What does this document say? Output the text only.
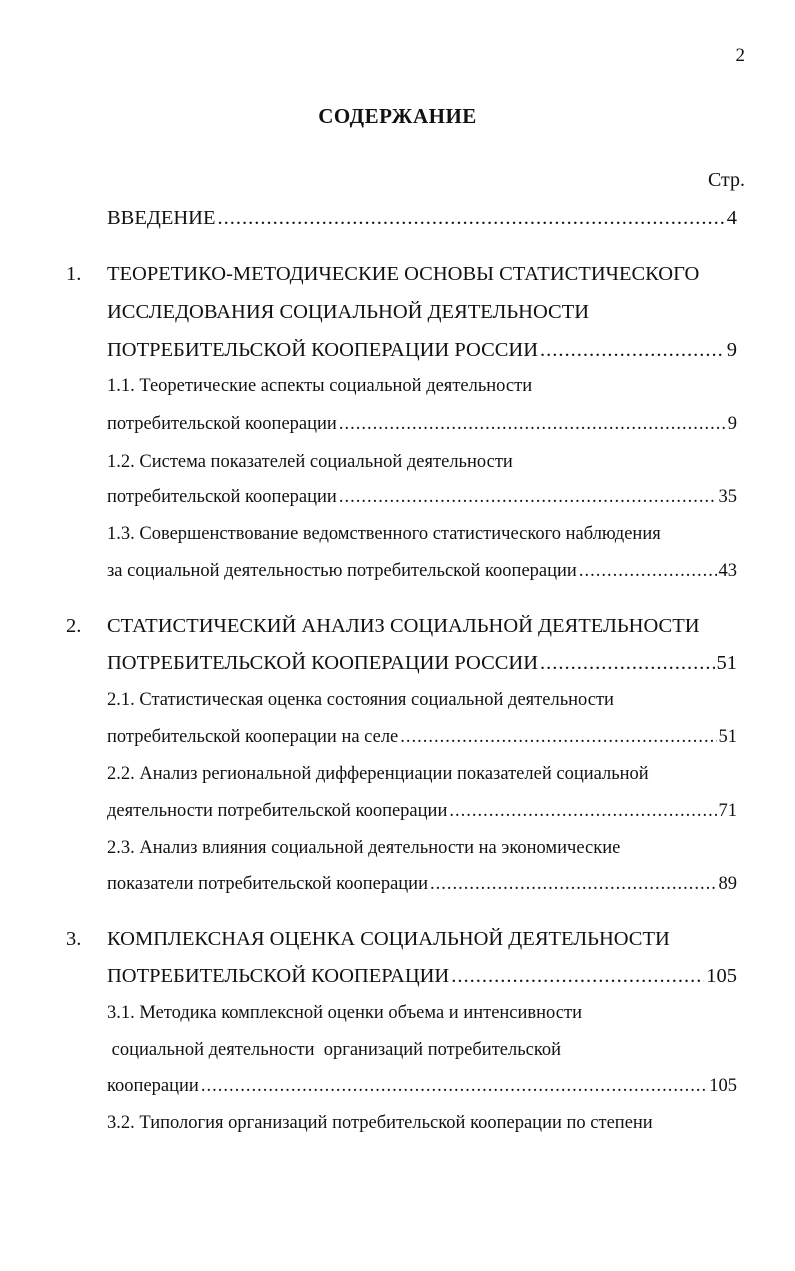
2
СОДЕРЖАНИЕ
Стр.
ВВЕДЕНИЕ .....	4
1. ТЕОРЕТИКО-МЕТОДИЧЕСКИЕ ОСНОВЫ СТАТИСТИЧЕСКОГО
ИССЛЕДОВАНИЯ СОЦИАЛЬНОЙ ДЕЯТЕЛЬНОСТИ
ПОТРЕБИТЕЛЬСКОЙ КООПЕРАЦИИ РОССИИ .....	9
1.1. Теоретические аспекты социальной деятельности
потребительской кооперации .....	9
1.2. Система показателей социальной деятельности
потребительской кооперации .....	35
1.3. Совершенствование ведомственного статистического наблюдения
за социальной деятельностью потребительской кооперации .....	43
2. СТАТИСТИЧЕСКИЙ АНАЛИЗ СОЦИАЛЬНОЙ ДЕЯТЕЛЬНОСТИ
ПОТРЕБИТЕЛЬСКОЙ КООПЕРАЦИИ РОССИИ .....	51
2.1. Статистическая оценка состояния социальной деятельности
потребительской кооперации на селе .....	51
2.2. Анализ региональной дифференциации показателей социальной
деятельности потребительской кооперации .....	71
2.3. Анализ влияния социальной деятельности на экономические
показатели потребительской кооперации .....	89
3. КОМПЛЕКСНАЯ ОЦЕНКА СОЦИАЛЬНОЙ ДЕЯТЕЛЬНОСТИ
ПОТРЕБИТЕЛЬСКОЙ КООПЕРАЦИИ .....	105
3.1. Методика комплексной оценки объема и интенсивности
социальной деятельности  организаций потребительской
кооперации .....	105
3.2. Типология организаций потребительской кооперации по степени
